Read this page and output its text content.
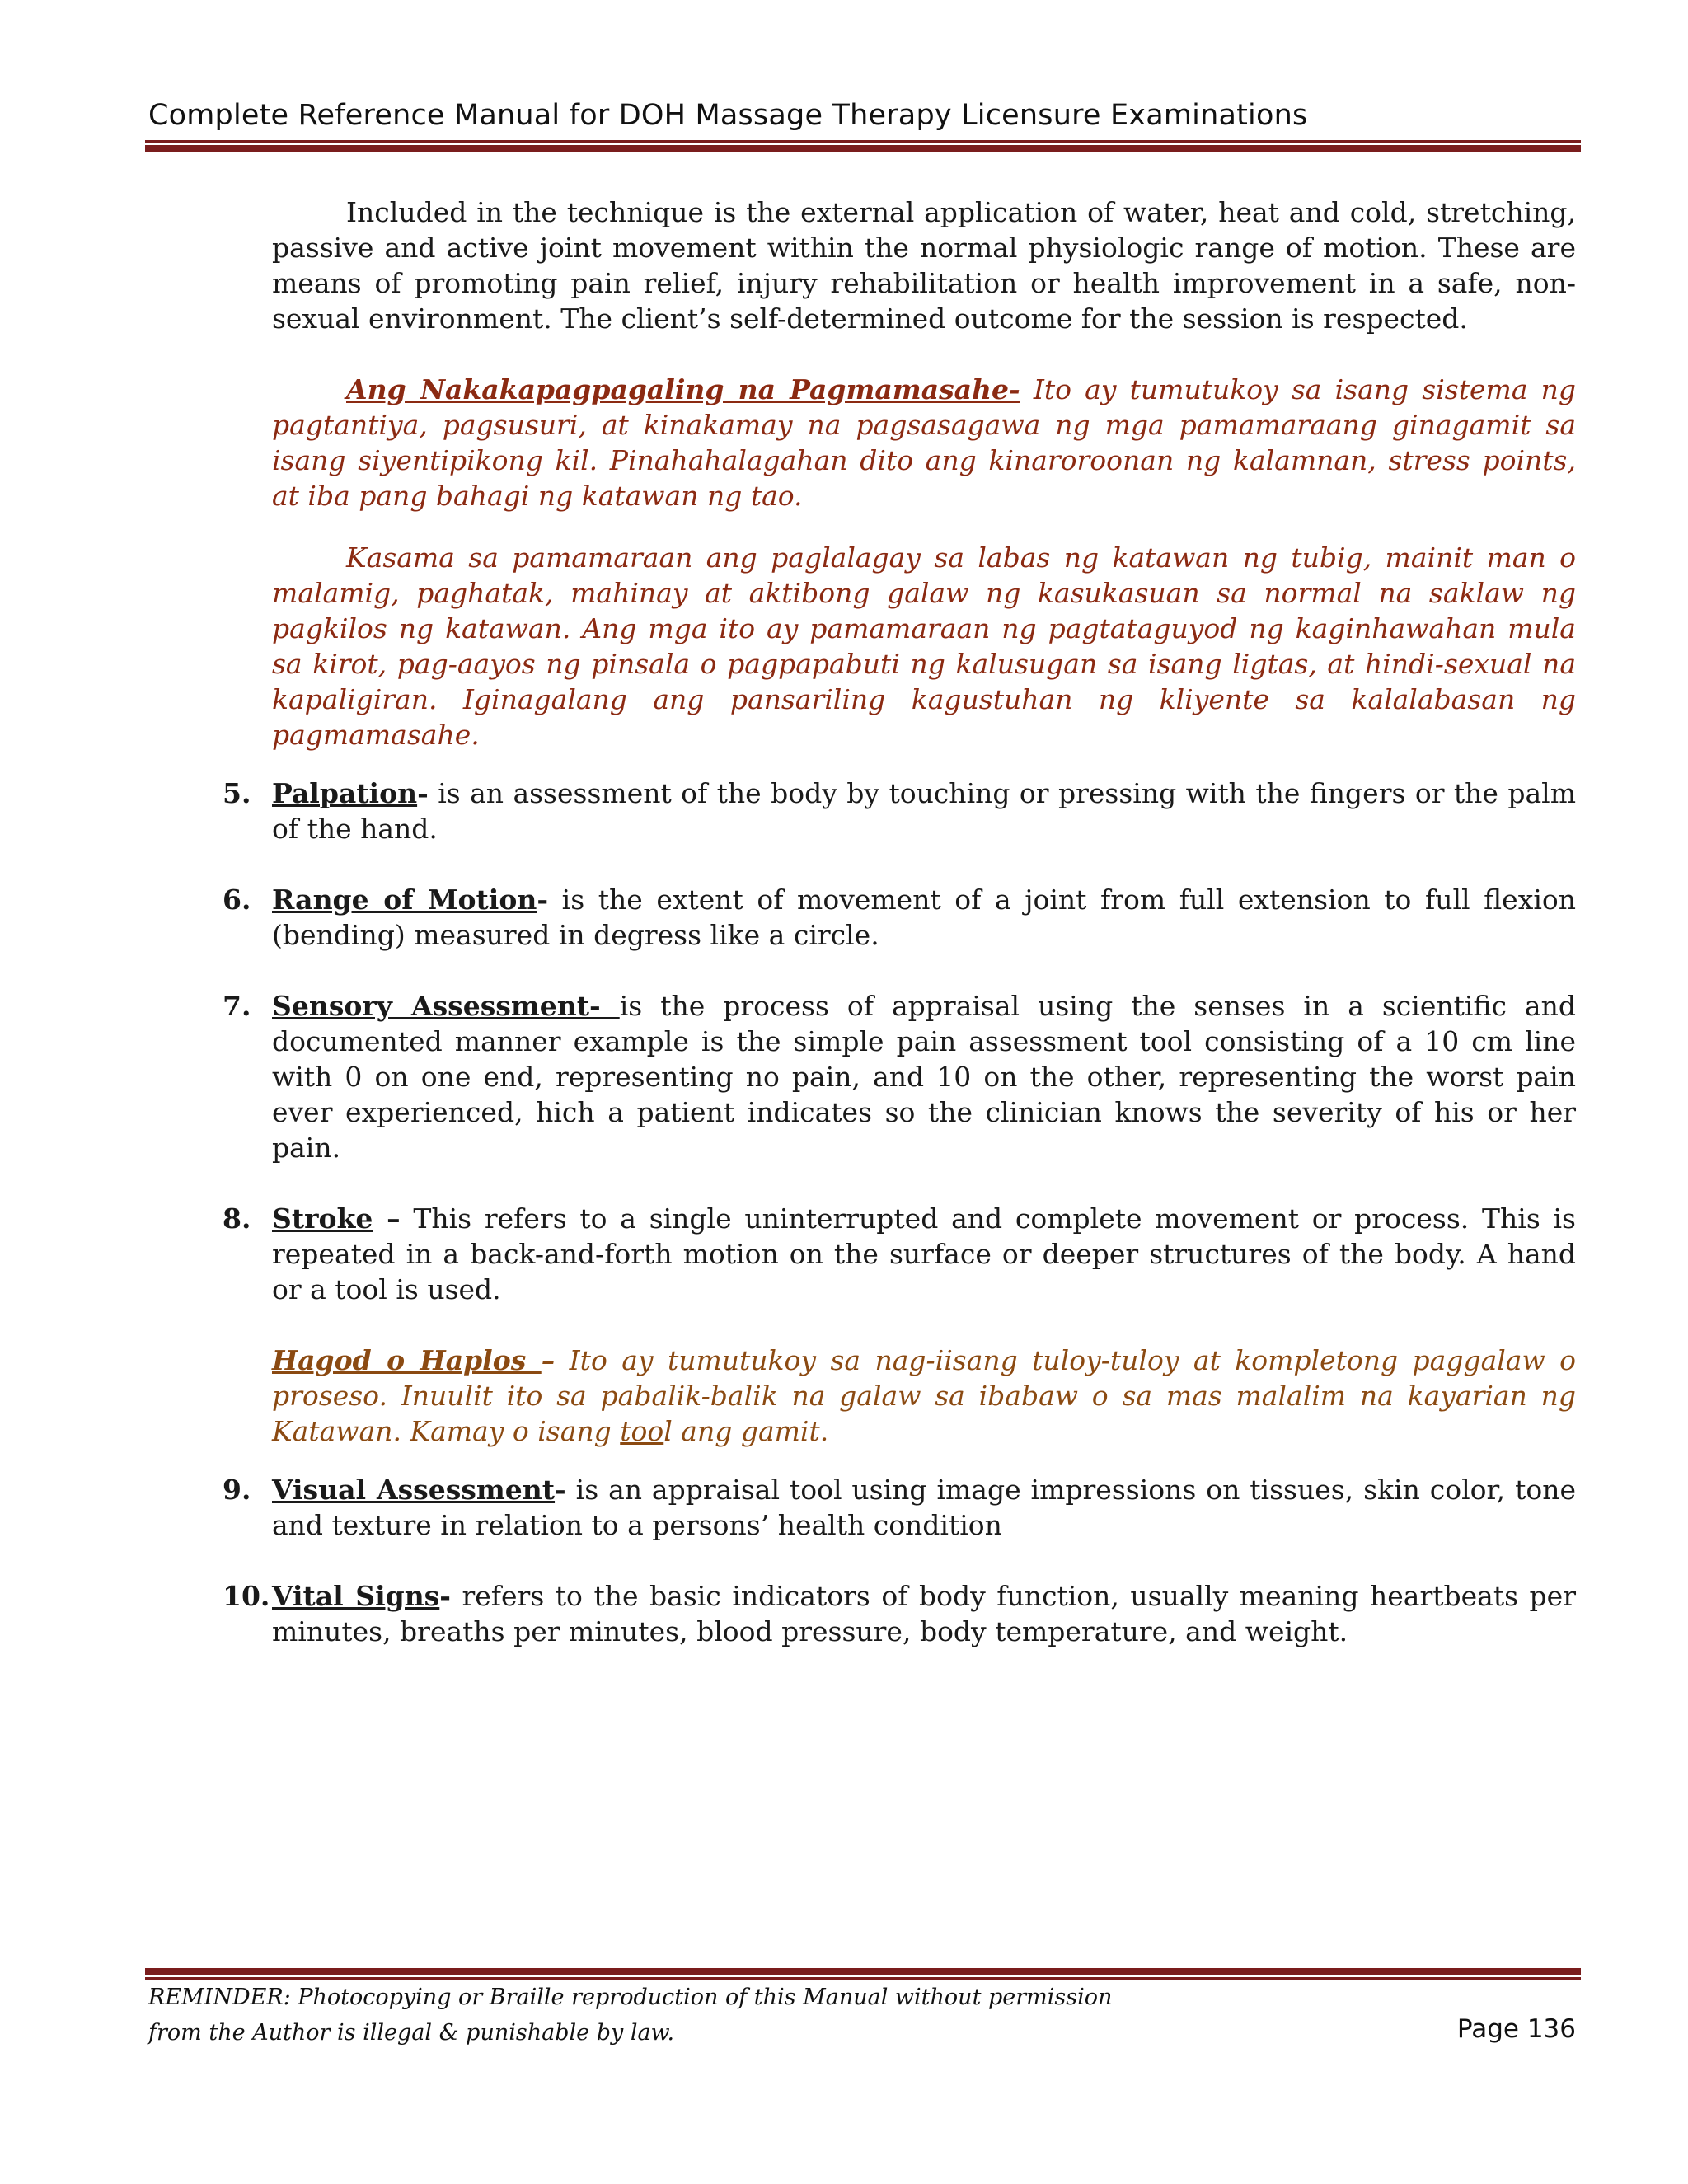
Complete Reference Manual for DOH Massage Therapy Licensure Examinations

Included in the technique is the external application of water, heat and cold, stretching, passive and active joint movement within the normal physiologic range of motion. These are means of promoting pain relief, injury rehabilitation or health improvement in a safe, non-sexual environment. The client’s self-determined outcome for the session is respected.

Ang Nakakapagpagaling na Pagmamasahe- Ito ay tumutukoy sa isang sistema ng pagtantiya, pagsusuri, at kinakamay na pagsasagawa ng mga pamamaraang ginagamit sa isang siyentipikong kil. Pinahahalagahan dito ang kinaroroonan ng kalamnan, stress points, at iba pang bahagi ng katawan ng tao.

Kasama sa pamamaraan ang paglalagay sa labas ng katawan ng tubig, mainit man o malamig, paghatak, mahinay at aktibong galaw ng kasukasuan sa normal na saklaw ng pagkilos ng katawan. Ang mga ito ay pamamaraan ng pagtataguyod ng kaginhawahan mula sa kirot, pag-aayos ng pinsala o pagpapabuti ng kalusugan sa isang ligtas, at hindi-sexual na kapaligiran. Iginagalang ang pansariling kagustuhan ng kliyente sa kalalabasan ng pagmamasahe.

5. Palpation- is an assessment of the body by touching or pressing with the fingers or the palm of the hand.

6. Range of Motion- is the extent of movement of a joint from full extension to full flexion (bending) measured in degress like a circle.

7. Sensory Assessment- is the process of appraisal using the senses in a scientific and documented manner example is the simple pain assessment tool consisting of a 10 cm line with 0 on one end, representing no pain, and 10 on the other, representing the worst pain ever experienced, hich a patient indicates so the clinician knows the severity of his or her pain.

8. Stroke – This refers to a single uninterrupted and complete movement or process. This is repeated in a back-and-forth motion on the surface or deeper structures of the body. A hand or a tool is used.

Hagod o Haplos – Ito ay tumutukoy sa nag-iisang tuloy-tuloy at kompletong paggalaw o proseso. Inuulit ito sa pabalik-balik na galaw sa ibabaw o sa mas malalim na kayarian ng Katawan. Kamay o isang tool ang gamit.

9. Visual Assessment- is an appraisal tool using image impressions on tissues, skin color, tone and texture in relation to a persons’ health condition

10. Vital Signs- refers to the basic indicators of body function, usually meaning heartbeats per minutes, breaths per minutes, blood pressure, body temperature, and weight.

REMINDER: Photocopying or Braille reproduction of this Manual without permission
from the Author is illegal & punishable by law.	Page 136
